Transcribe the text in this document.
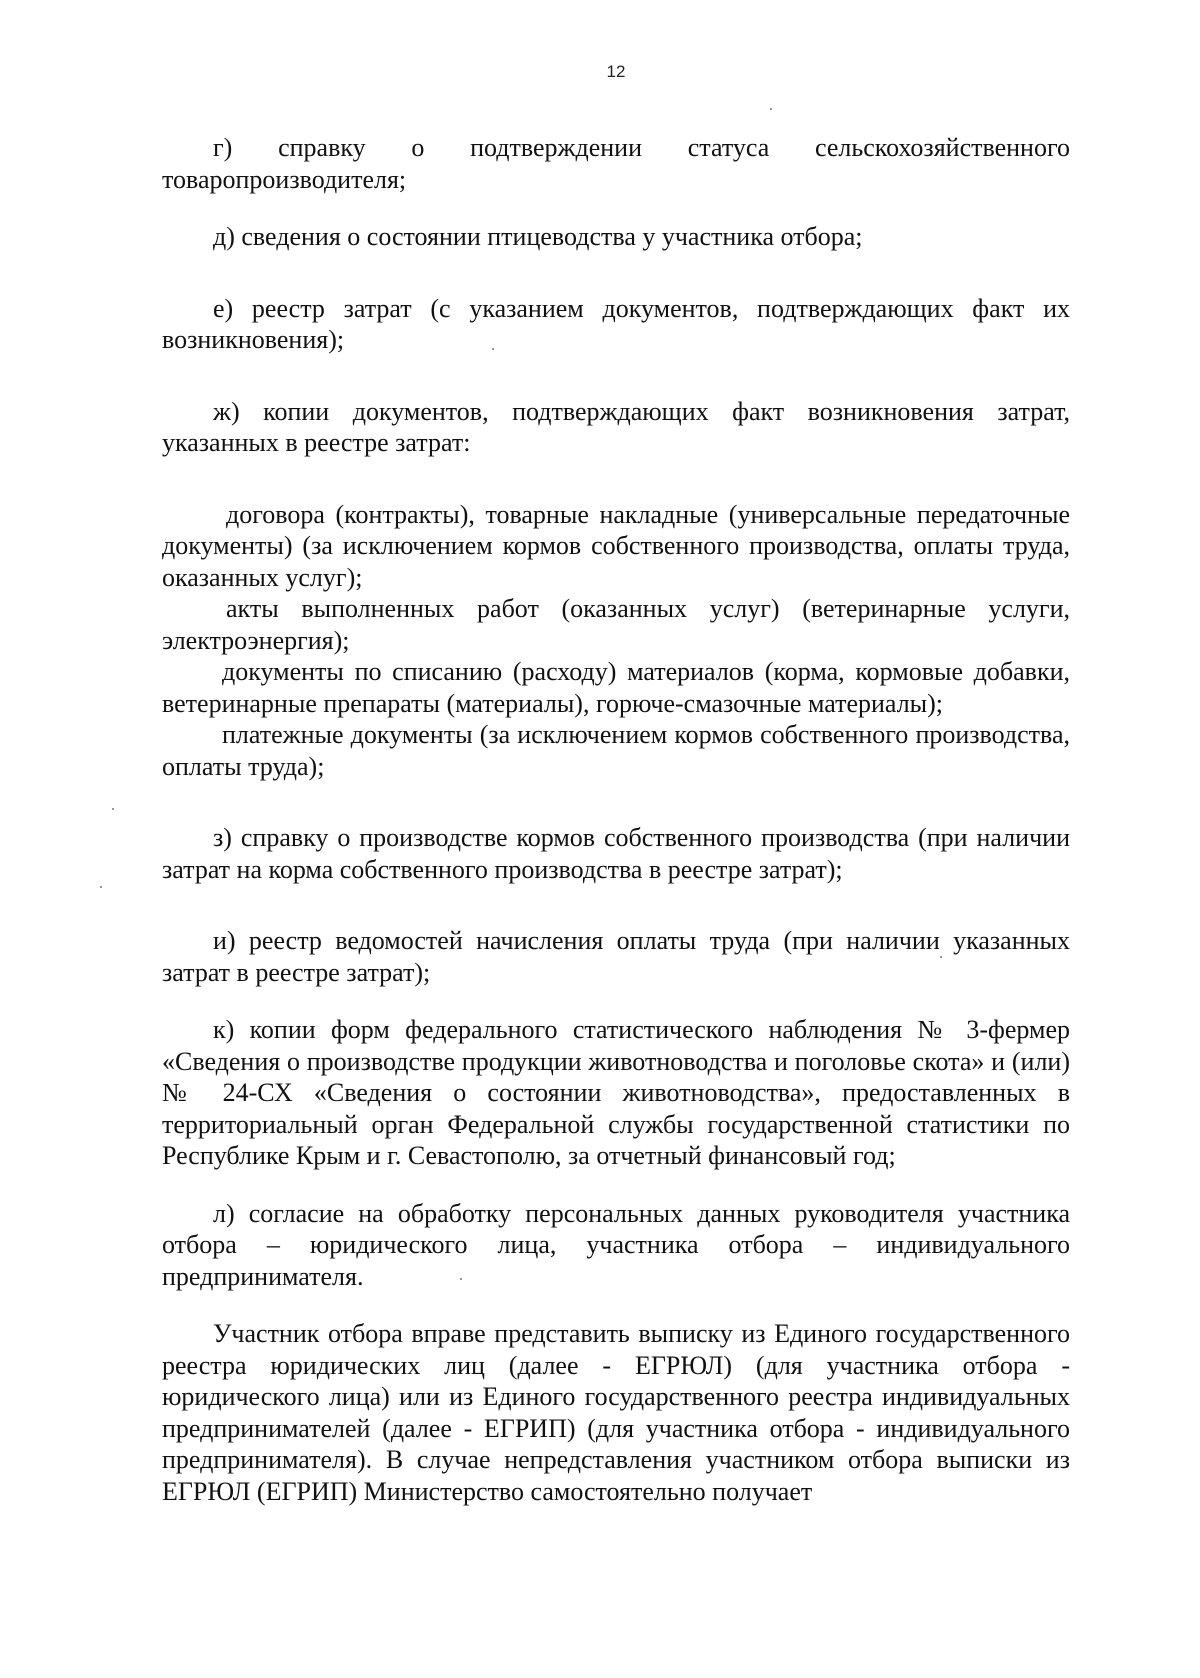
12

г) справку о подтверждении статуса сельскохозяйственного товаропроизводителя;

д) сведения о состоянии птицеводства у участника отбора;

е) реестр затрат (с указанием документов, подтверждающих факт их возникновения);

ж) копии документов, подтверждающих факт возникновения затрат, указанных в реестре затрат:

договора (контракты), товарные накладные (универсальные передаточные документы) (за исключением кормов собственного производства, оплаты труда, оказанных услуг);

акты выполненных работ (оказанных услуг) (ветеринарные услуги, электроэнергия);

документы по списанию (расходу) материалов (корма, кормовые добавки, ветеринарные препараты (материалы), горюче-смазочные материалы);

платежные документы (за исключением кормов собственного производства, оплаты труда);

з) справку о производстве кормов собственного производства (при наличии затрат на корма собственного производства в реестре затрат);

и) реестр ведомостей начисления оплаты труда (при наличии указанных затрат в реестре затрат);

к) копии форм федерального статистического наблюдения № 3-фермер «Сведения о производстве продукции животноводства и поголовье скота» и (или) № 24-СХ «Сведения о состоянии животноводства», предоставленных в территориальный орган Федеральной службы государственной статистики по Республике Крым и г. Севастополю, за отчетный финансовый год;

л) согласие на обработку персональных данных руководителя участника отбора – юридического лица, участника отбора – индивидуального предпринимателя.

Участник отбора вправе представить выписку из Единого государственного реестра юридических лиц (далее - ЕГРЮЛ) (для участника отбора - юридического лица) или из Единого государственного реестра индивидуальных предпринимателей (далее - ЕГРИП) (для участника отбора - индивидуального предпринимателя). В случае непредставления участником отбора выписки из ЕГРЮЛ (ЕГРИП) Министерство самостоятельно получает
